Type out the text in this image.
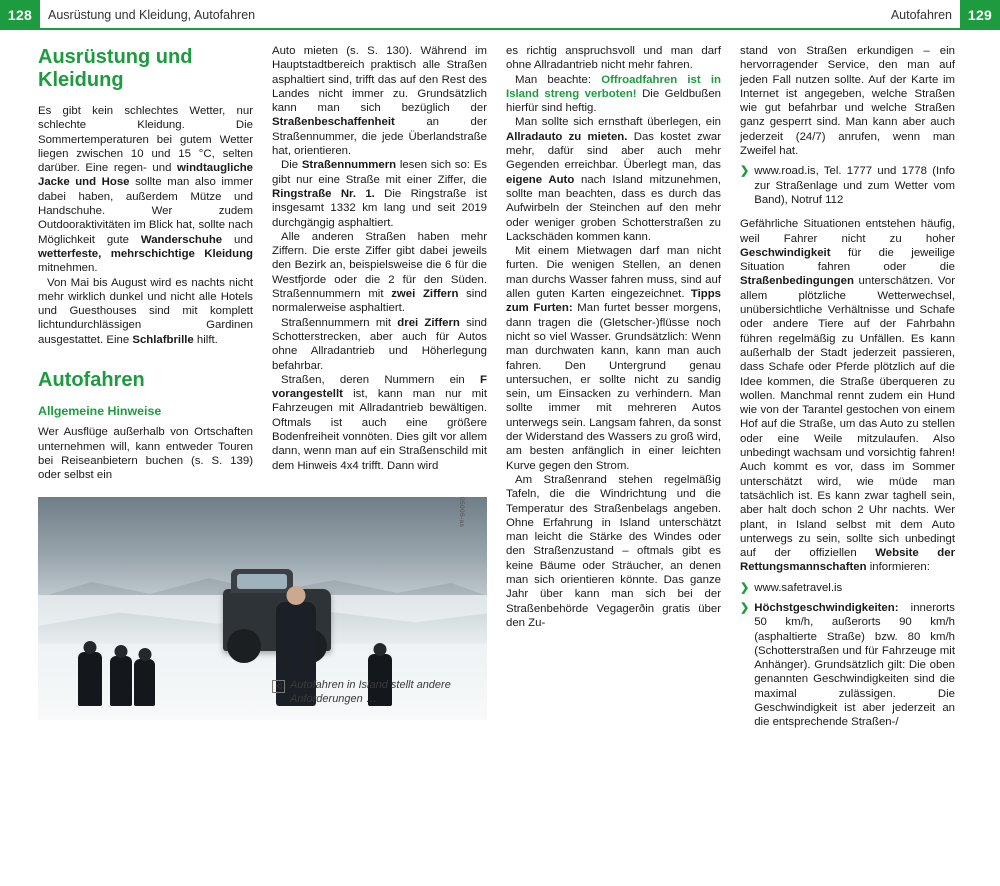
128	Ausrüstung und Kleidung, Autofahren	Autofahren	129
Ausrüstung und Kleidung

Es gibt kein schlechtes Wetter, nur schlechte Kleidung. Die Sommertemperaturen bei gutem Wetter liegen zwischen 10 und 15 °C, selten darüber. Eine regen- und windtaugliche Jacke und Hose sollte man also immer dabei haben, außerdem Mütze und Handschuhe. Wer zudem Outdooraktivitäten im Blick hat, sollte nach Möglichkeit gute Wanderschuhe und wetterfeste, mehrschichtige Kleidung mitnehmen.

Von Mai bis August wird es nachts nicht mehr wirklich dunkel und nicht alle Hotels und Guesthouses sind mit komplett lichtundurchlässigen Gardinen ausgestattet. Eine Schlafbrille hilft.

Autofahren
Allgemeine Hinweise

Wer Ausflüge außerhalb von Ortschaften unternehmen will, kann entweder Touren bei Reiseanbietern buchen (s. S. 139) oder selbst ein

05006-as

Auto mieten (s. S. 130). Während im Hauptstadtbereich praktisch alle Straßen asphaltiert sind, trifft das auf den Rest des Landes nicht immer zu. Grundsätzlich kann man sich bezüglich der Straßenbeschaffenheit an der Straßennummer, die jede Überlandstraße hat, orientieren.

Die Straßennummern lesen sich so: Es gibt nur eine Straße mit einer Ziffer, die Ringstraße Nr. 1. Die Ringstraße ist insgesamt 1332 km lang und seit 2019 durchgängig asphaltiert.

Alle anderen Straßen haben mehr Ziffern. Die erste Ziffer gibt dabei jeweils den Bezirk an, beispielsweise die 6 für die Westfjorde oder die 2 für den Süden. Straßennummern mit zwei Ziffern sind normalerweise asphaltiert.

Straßennummern mit drei Ziffern sind Schotterstrecken, aber auch für Autos ohne Allradantrieb und Höherlegung befahrbar.

Straßen, deren Nummern ein F vorangestellt ist, kann man nur mit Fahrzeugen mit Allradantrieb bewältigen. Oftmals ist auch eine größere Bodenfreiheit vonnöten. Dies gilt vor allem dann, wenn man auf ein Straßenschild mit dem Hinweis 4x4 trifft. Dann wird

◁ Autofahren in Island stellt andere Anforderungen …

es richtig anspruchsvoll und man darf ohne Allradantrieb nicht mehr fahren.

Man beachte: Offroadfahren ist in Island streng verboten! Die Geldbußen hierfür sind heftig.

Man sollte sich ernsthaft überlegen, ein Allradauto zu mieten. Das kostet zwar mehr, dafür sind aber auch mehr Gegenden erreichbar. Überlegt man, das eigene Auto nach Island mitzunehmen, sollte man beachten, dass es durch das Aufwirbeln der Steinchen auf den mehr oder weniger groben Schotterstraßen zu Lackschäden kommen kann.

Mit einem Mietwagen darf man nicht furten. Die wenigen Stellen, an denen man durchs Wasser fahren muss, sind auf allen guten Karten eingezeichnet. Tipps zum Furten: Man furtet besser morgens, dann tragen die (Gletscher-)flüsse noch nicht so viel Wasser. Grundsätzlich: Wenn man durchwaten kann, kann man auch fahren. Den Untergrund genau untersuchen, er sollte nicht zu sandig sein, um Einsacken zu verhindern. Man sollte immer mit mehreren Autos unterwegs sein. Langsam fahren, da sonst der Widerstand des Wassers zu groß wird, am besten anfänglich in einer leichten Kurve gegen den Strom.

Am Straßenrand stehen regelmäßig Tafeln, die die Windrichtung und die Temperatur des Straßenbelags angeben. Ohne Erfahrung in Island unterschätzt man leicht die Stärke des Windes oder den Straßenzustand – oftmals gibt es keine Bäume oder Sträucher, an denen man sich orientieren könnte. Das ganze Jahr über kann man sich bei der Straßenbehörde Vegagerðin gratis über den Zu-

stand von Straßen erkundigen – ein hervorragender Service, den man auf jeden Fall nutzen sollte. Auf der Karte im Internet ist angegeben, welche Straßen wie gut befahrbar und welche Straßen ganz gesperrt sind. Man kann aber auch jederzeit (24/7) anrufen, wenn man Zweifel hat.

❯ www.road.is, Tel. 1777 und 1778 (Info zur Straßenlage und zum Wetter vom Band), Notruf 112

Gefährliche Situationen entstehen häufig, weil Fahrer nicht zu hoher Geschwindigkeit für die jeweilige Situation fahren oder die Straßenbedingungen unterschätzen. Vor allem plötzliche Wetterwechsel, unübersichtliche Verhältnisse und Schafe oder andere Tiere auf der Fahrbahn führen regelmäßig zu Unfällen. Es kann außerhalb der Stadt jederzeit passieren, dass Schafe oder Pferde plötzlich auf die Idee kommen, die Straße überqueren zu wollen. Manchmal rennt zudem ein Hund wie von der Tarantel gestochen von einem Hof auf die Straße, um das Auto zu stellen oder eine Weile mitzulaufen. Also unbedingt wachsam und vorsichtig fahren! Auch kommt es vor, dass im Sommer unterschätzt wird, wie müde man tatsächlich ist. Es kann zwar taghell sein, aber halt doch schon 2 Uhr nachts. Wer plant, in Island selbst mit dem Auto unterwegs zu sein, sollte sich unbedingt auf der offiziellen Website der Rettungsmannschaften informieren:

❯ www.safetravel.is
❯ Höchstgeschwindigkeiten: innerorts 50 km/h, außerorts 90 km/h (asphaltierte Straße) bzw. 80 km/h (Schotterstraßen und für Fahrzeuge mit Anhänger). Grundsätzlich gilt: Die oben genannten Geschwindigkeiten sind die maximal zulässigen. Die Geschwindigkeit ist aber jederzeit an die entsprechende Straßen-/
